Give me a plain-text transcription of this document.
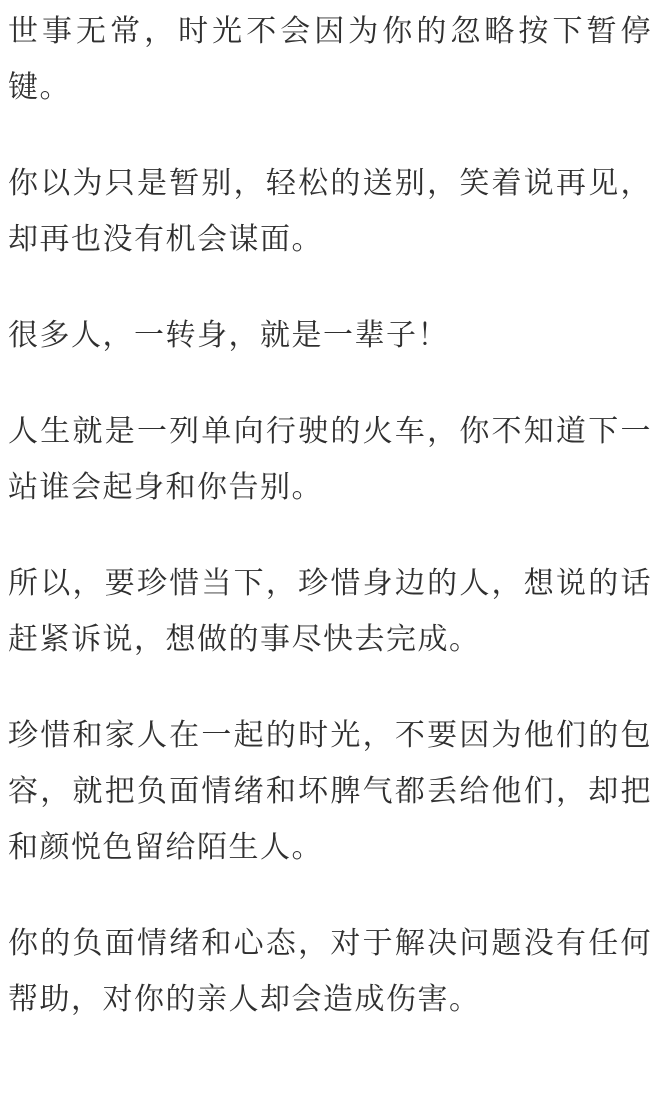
世事无常，时光不会因为你的忽略按下暂停键。

你以为只是暂别，轻松的送别，笑着说再见，却再也没有机会谋面。

很多人，一转身，就是一辈子！

人生就是一列单向行驶的火车，你不知道下一站谁会起身和你告别。

所以，要珍惜当下，珍惜身边的人，想说的话赶紧诉说，想做的事尽快去完成。

珍惜和家人在一起的时光，不要因为他们的包容，就把负面情绪和坏脾气都丢给他们，却把和颜悦色留给陌生人。

你的负面情绪和心态，对于解决问题没有任何帮助，对你的亲人却会造成伤害。
